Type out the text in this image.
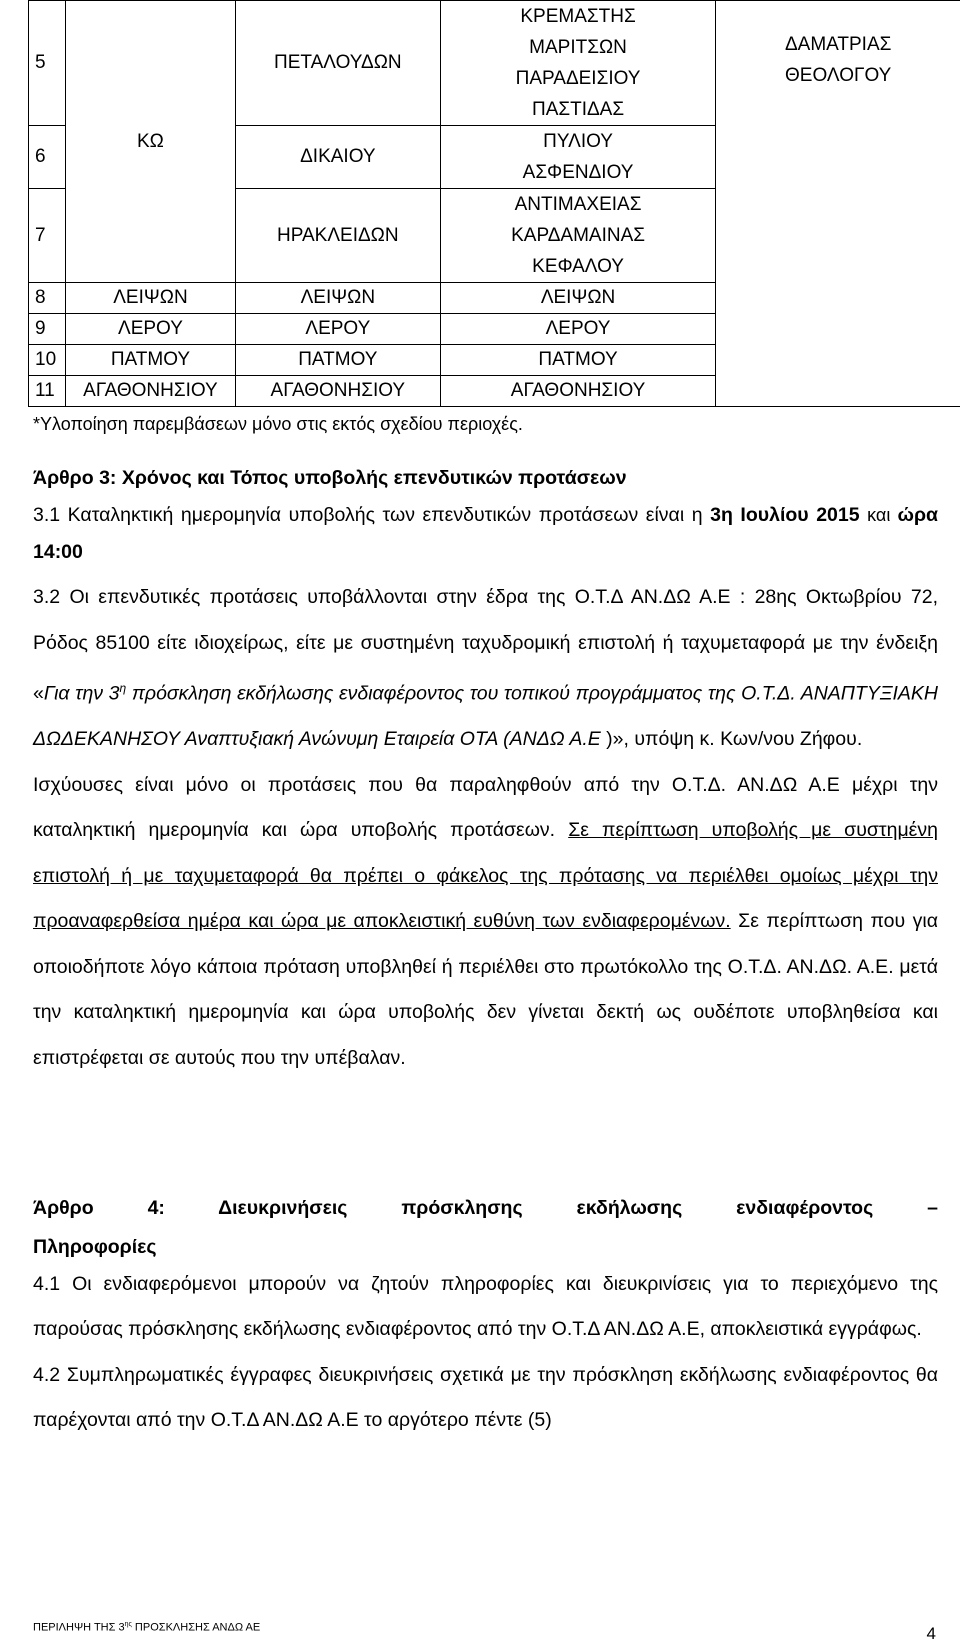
5	ΚΩ	ΠΕΤΑΛΟΥΔΩΝ	ΚΡΕΜΑΣΤΗΣ
ΜΑΡΙΤΣΩΝ
ΠΑΡΑΔΕΙΣΙΟΥ
ΠΑΣΤΙΔΑΣ	ΔΑΜΑΤΡΙΑΣ
ΘΕΟΛΟΓΟΥ

6		ΔΙΚΑΙΟΥ	ΠΥΛΙΟΥ
ΑΣΦΕΝΔΙΟΥ	

7		ΗΡΑΚΛΕΙΔΩΝ	ΑΝΤΙΜΑΧΕΙΑΣ
ΚΑΡΔΑΜΑΙΝΑΣ
ΚΕΦΑΛΟΥ	

8	ΛΕΙΨΩΝ	ΛΕΙΨΩΝ	ΛΕΙΨΩΝ	
9	ΛΕΡΟΥ	ΛΕΡΟΥ	ΛΕΡΟΥ	
10	ΠΑΤΜΟΥ	ΠΑΤΜΟΥ	ΠΑΤΜΟΥ	
11	ΑΓΑΘΟΝΗΣΙΟΥ	ΑΓΑΘΟΝΗΣΙΟΥ	ΑΓΑΘΟΝΗΣΙΟΥ	
*Υλοποίηση παρεμβάσεων μόνο στις εκτός σχεδίου περιοχές.

Άρθρο 3: Χρόνος και Τόπος υποβολής επενδυτικών προτάσεων

3.1 Καταληκτική ημερομηνία υποβολής των επενδυτικών προτάσεων είναι η 3η Ιουλίου 2015 και ώρα 14:00

3.2 Οι επενδυτικές προτάσεις υποβάλλονται στην έδρα της Ο.Τ.Δ ΑΝ.ΔΩ Α.Ε : 28ης Οκτωβρίου 72, Ρόδος 85100 είτε ιδιοχείρως, είτε με συστημένη ταχυδρομική επιστολή ή ταχυμεταφορά με την ένδειξη «Για την $3^\eta$ πρόσκληση εκδήλωσης ενδιαφέροντος του τοπικού προγράμματος της Ο.Τ.Δ. ΑΝΑΠΤΥΞΙΑΚΗ ΔΩΔΕΚΑΝΗΣΟΥ Αναπτυξιακή Ανώνυμη Εταιρεία ΟΤΑ (ΑΝΔΩ Α.Ε )», υπόψη κ. Κων/νου Ζήφου.

Ισχύουσες είναι μόνο οι προτάσεις που θα παραληφθούν από την Ο.Τ.Δ. ΑΝ.ΔΩ Α.Ε μέχρι την καταληκτική ημερομηνία και ώρα υποβολής προτάσεων. Σε περίπτωση υποβολής με συστημένη επιστολή ή με ταχυμεταφορά θα πρέπει ο φάκελος της πρότασης να περιέλθει ομοίως μέχρι την προαναφερθείσα ημέρα και ώρα με αποκλειστική ευθύνη των ενδιαφερομένων. Σε περίπτωση που για οποιοδήποτε λόγο κάποια πρόταση υποβληθεί ή περιέλθει στο πρωτόκολλο της Ο.Τ.Δ. ΑΝ.ΔΩ. Α.Ε. μετά την καταληκτική ημερομηνία και ώρα υποβολής δεν γίνεται δεκτή ως ουδέποτε υποβληθείσα και επιστρέφεται σε αυτούς που την υπέβαλαν.

Άρθρο 4: Διευκρινήσεις πρόσκλησης εκδήλωσης ενδιαφέροντος –

Πληροφορίες

4.1 Οι ενδιαφερόμενοι μπορούν να ζητούν πληροφορίες και διευκρινίσεις για το περιεχόμενο της παρούσας πρόσκλησης εκδήλωσης ενδιαφέροντος από την Ο.Τ.Δ ΑΝ.ΔΩ Α.Ε, αποκλειστικά εγγράφως.

4.2 Συμπληρωματικές έγγραφες διευκρινήσεις σχετικά με την πρόσκληση εκδήλωσης ενδιαφέροντος θα παρέχονται από την Ο.Τ.Δ ΑΝ.ΔΩ Α.Ε το αργότερο πέντε (5)

ΠΕΡΙΛΗΨΗ ΤΗΣ $3^{\eta\varsigma}$ ΠΡΟΣΚΛΗΣΗΣ ΑΝΔΩ ΑΕ	4
